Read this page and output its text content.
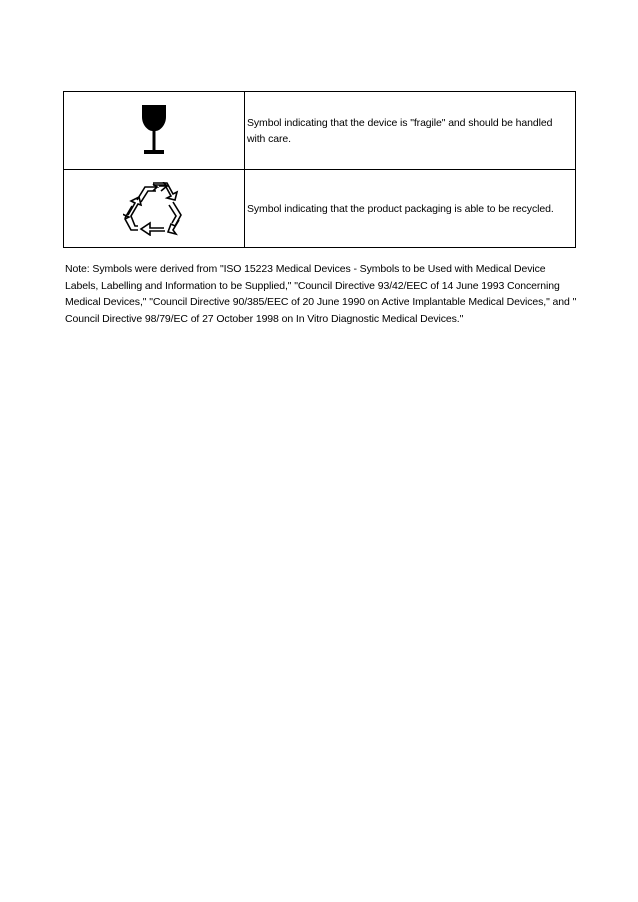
	Symbol indicating that the device is "fragile" and should be handled with care.

	Symbol indicating that the product packaging is able to be recycled.

Note: Symbols were derived from "ISO 15223 Medical Devices - Symbols to be Used with Medical Device Labels, Labelling and Information to be Supplied," "Council Directive 93/42/EEC of 14 June 1993 Concerning Medical Devices," "Council Directive 90/385/EEC of 20 June 1990 on Active Implantable Medical Devices," and " Council Directive 98/79/EC of 27 October 1998 on In Vitro Diagnostic Medical Devices."
